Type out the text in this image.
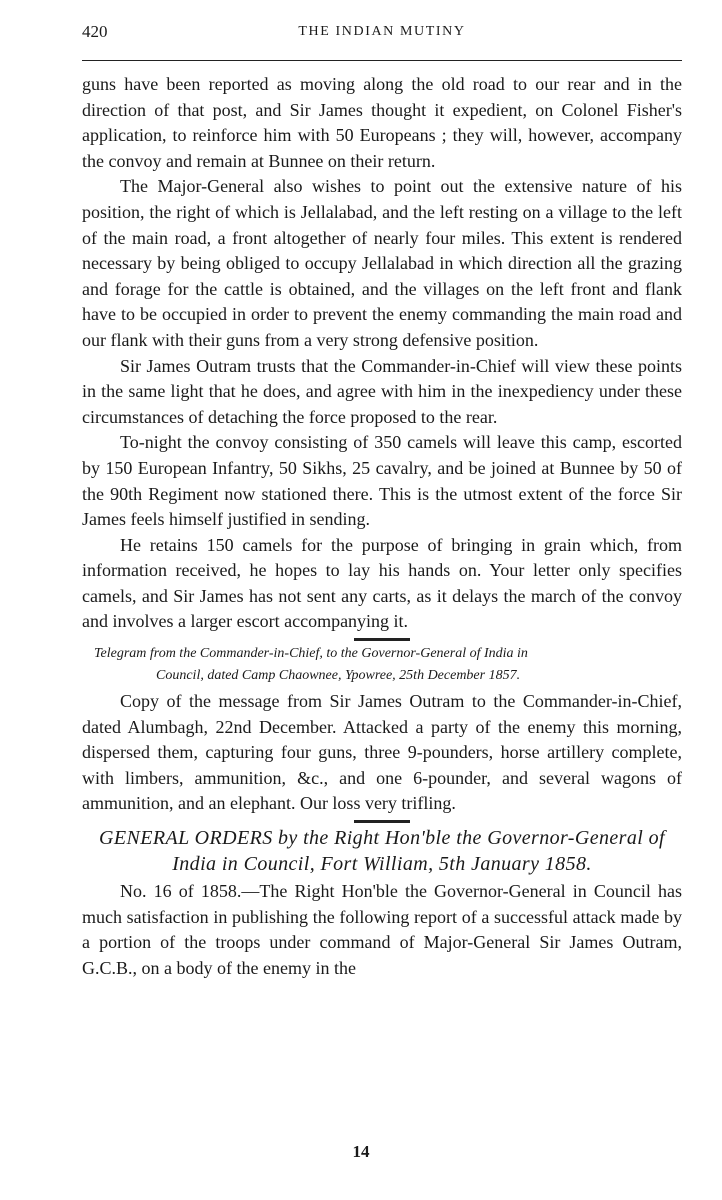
420	THE INDIAN MUTINY

guns have been reported as moving along the old road to our rear and in the direction of that post, and Sir James thought it expedient, on Colonel Fisher's application, to reinforce him with 50 Europeans ; they will, however, accompany the convoy and remain at Bunnee on their return.

The Major-General also wishes to point out the extensive nature of his position, the right of which is Jellalabad, and the left resting on a village to the left of the main road, a front altogether of nearly four miles. This extent is rendered necessary by being obliged to occupy Jellalabad in which direction all the grazing and forage for the cattle is obtained, and the villages on the left front and flank have to be occupied in order to prevent the enemy commanding the main road and our flank with their guns from a very strong defensive position.

Sir James Outram trusts that the Commander-in-Chief will view these points in the same light that he does, and agree with him in the inexpediency under these circumstances of detaching the force proposed to the rear.

To-night the convoy consisting of 350 camels will leave this camp, escorted by 150 European Infantry, 50 Sikhs, 25 cavalry, and be joined at Bunnee by 50 of the 90th Regiment now stationed there. This is the utmost extent of the force Sir James feels himself justified in sending.

He retains 150 camels for the purpose of bringing in grain which, from information received, he hopes to lay his hands on. Your letter only specifies camels, and Sir James has not sent any carts, as it delays the march of the convoy and involves a larger escort accompanying it.

Telegram from the Commander-in-Chief, to the Governor-General of India in
Council, dated Camp Chaownee, Ypowree, 25th December 1857.

Copy of the message from Sir James Outram to the Commander-in-Chief, dated Alumbagh, 22nd December. Attacked a party of the enemy this morning, dispersed them, capturing four guns, three 9-pounders, horse artillery complete, with limbers, ammunition, &c., and one 6-pounder, and several wagons of ammunition, and an elephant. Our loss very trifling.

GENERAL ORDERS by the Right Hon'ble the Governor-General of
India in Council, Fort William, 5th January 1858.

No. 16 of 1858.—The Right Hon'ble the Governor-General in Council has much satisfaction in publishing the following report of a successful attack made by a portion of the troops under command of Major-General Sir James Outram, G.C.B., on a body of the enemy in the

14
